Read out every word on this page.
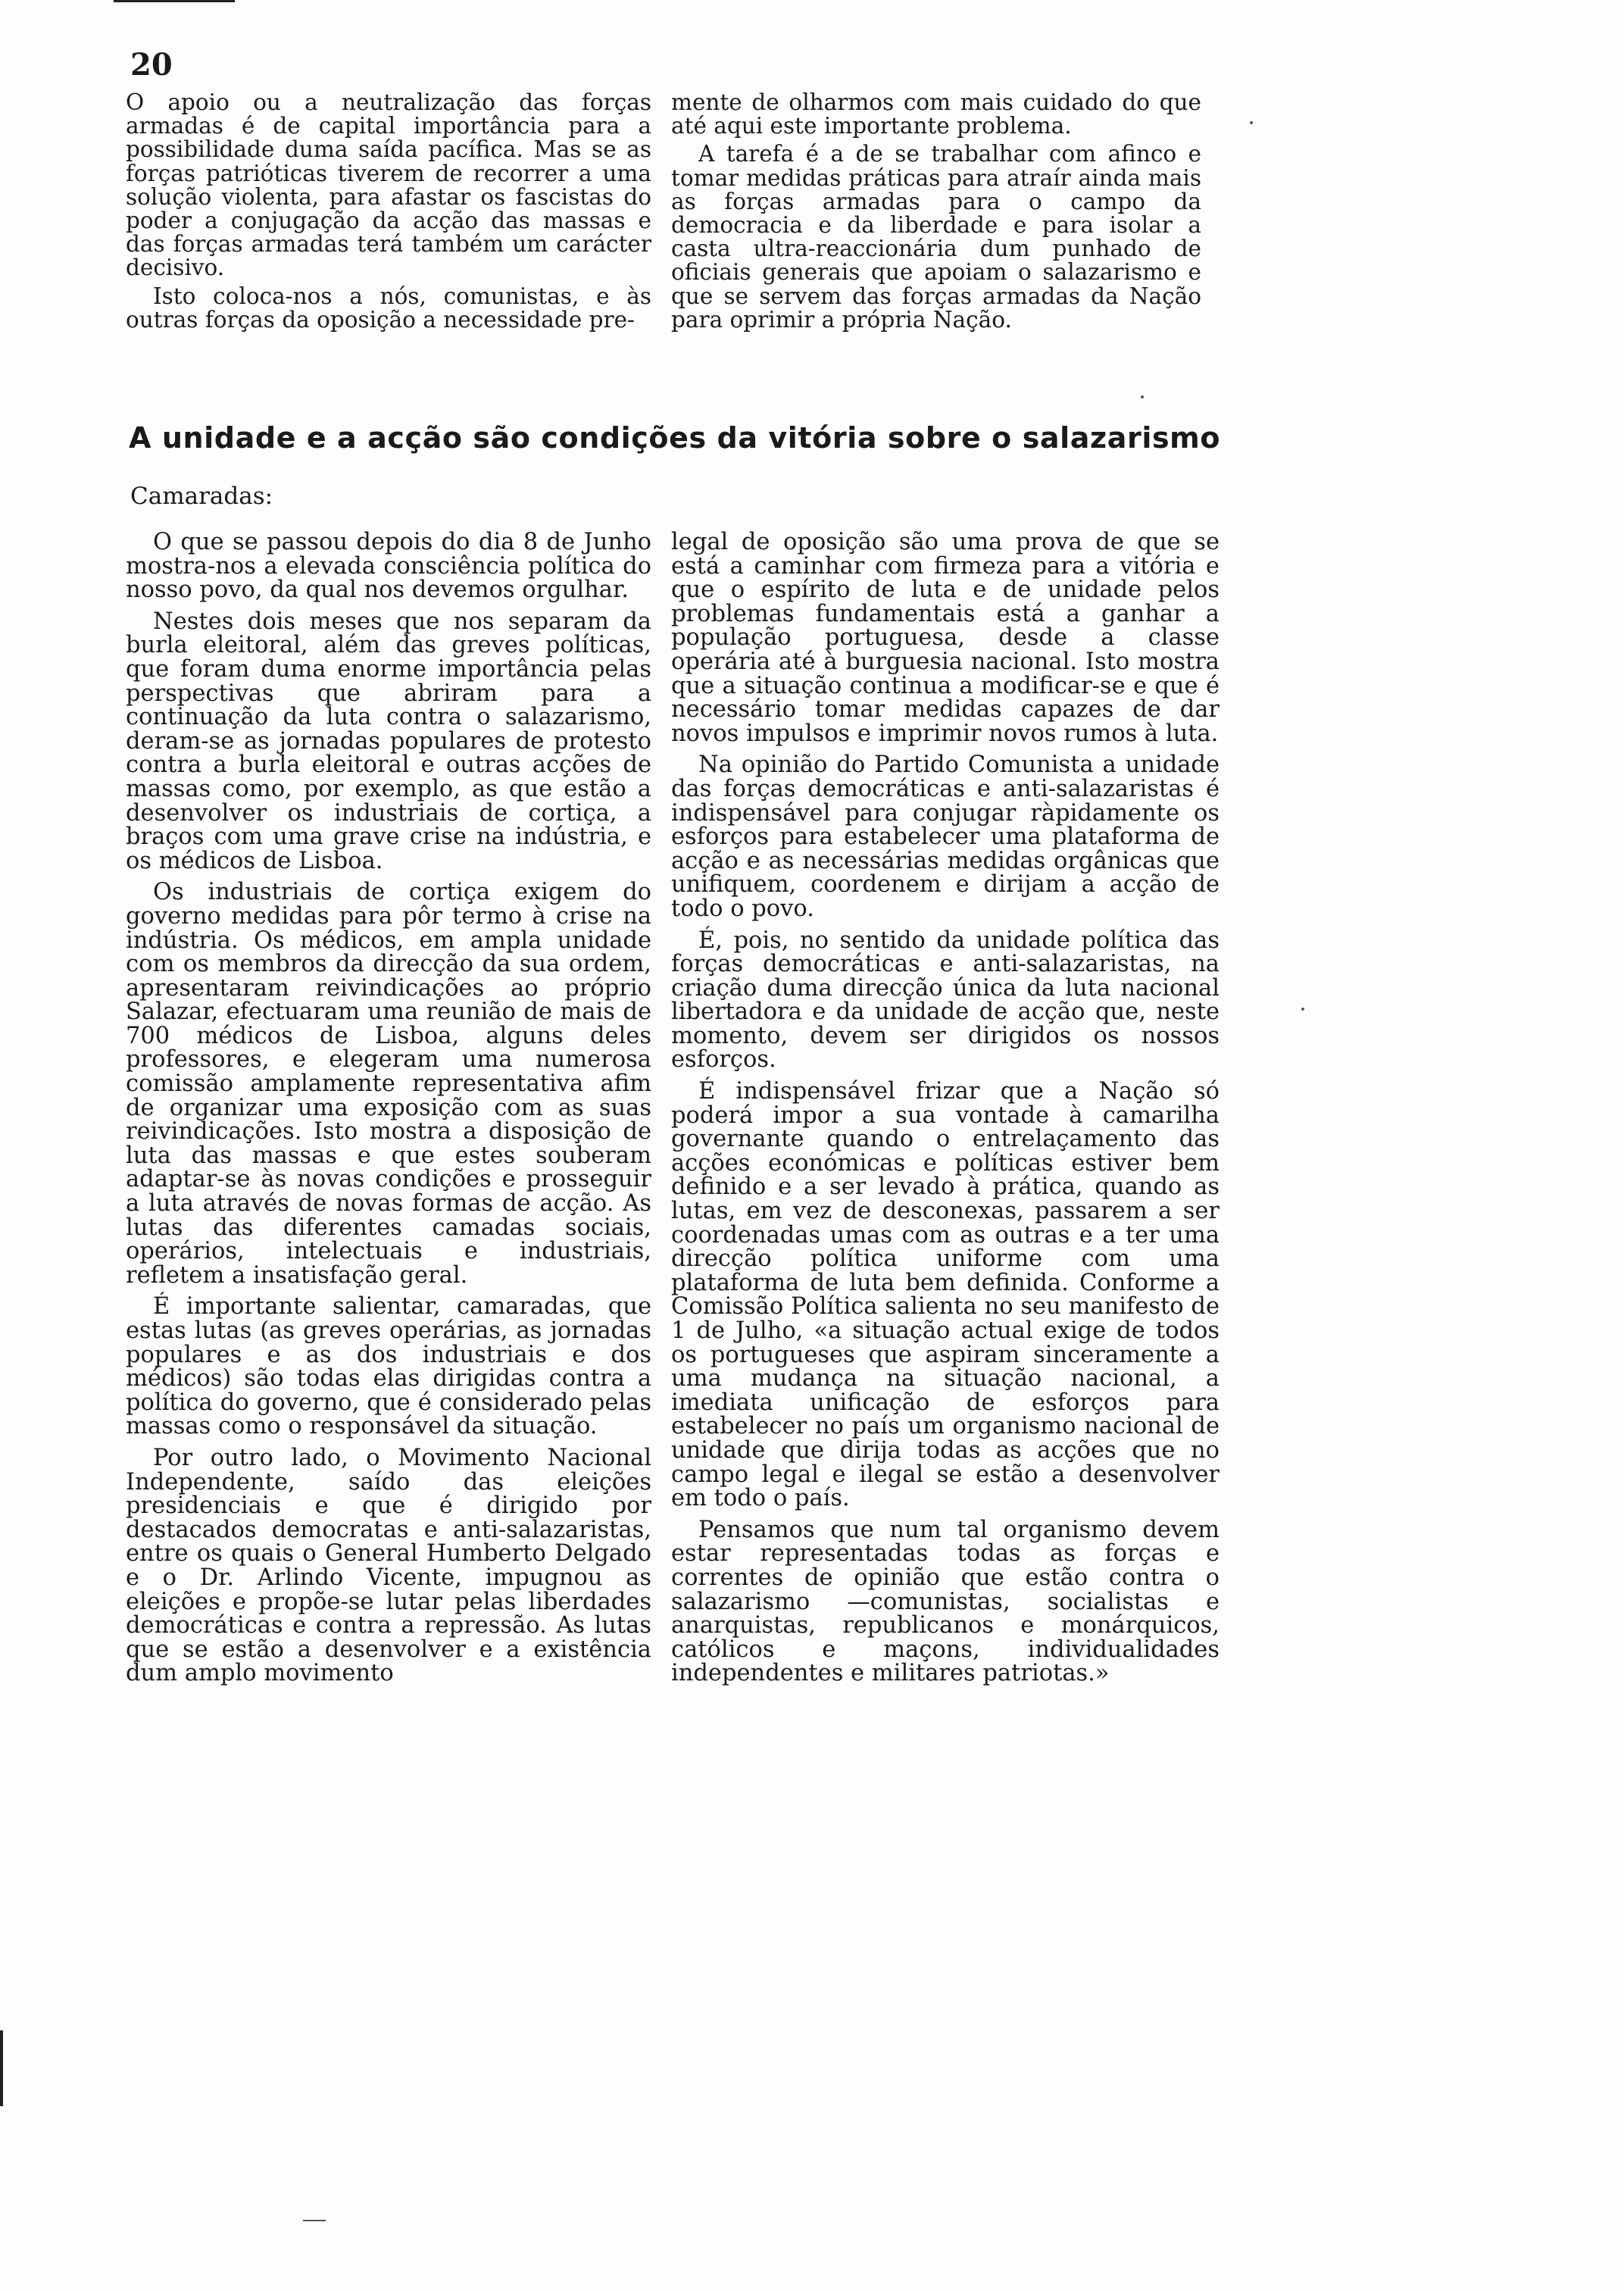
20

O apoio ou a neutralização das forças armadas é de capital importância para a possibilidade duma saída pacífica. Mas se as forças patrióticas tiverem de recorrer a uma solução violenta, para afastar os fascistas do poder a conjugação da acção das massas e das forças armadas terá também um carácter decisivo.

Isto coloca-nos a nós, comunistas, e às outras forças da oposição a necessidade pre-

mente de olharmos com mais cuidado do que até aqui este importante problema.

A tarefa é a de se trabalhar com afinco e tomar medidas práticas para atraír ainda mais as forças armadas para o campo da democracia e da liberdade e para isolar a casta ultra-reaccionária dum punhado de oficiais generais que apoiam o salazarismo e que se servem das forças armadas da Nação para oprimir a própria Nação.

A unidade e a acção são condições da vitória sobre o salazarismo
Camaradas:

O que se passou depois do dia 8 de Junho mostra-nos a elevada consciência política do nosso povo, da qual nos devemos orgulhar.

Nestes dois meses que nos separam da burla eleitoral, além das greves políticas, que foram duma enorme importância pelas perspectivas que abriram para a continuação da luta contra o salazarismo, deram-se as jornadas populares de protesto contra a burla eleitoral e outras acções de massas como, por exemplo, as que estão a desenvolver os industriais de cortiça, a braços com uma grave crise na indústria, e os médicos de Lisboa.

Os industriais de cortiça exigem do governo medidas para pôr termo à crise na indústria. Os médicos, em ampla unidade com os membros da direcção da sua ordem, apresentaram reivindicações ao próprio Salazar, efectuaram uma reunião de mais de 700 médicos de Lisboa, alguns deles professores, e elegeram uma numerosa comissão amplamente representativa afim de organizar uma exposição com as suas reivindicações. Isto mostra a disposição de luta das massas e que estes souberam adaptar-se às novas condições e prosseguir a luta através de novas formas de acção. As lutas das diferentes camadas sociais, operários, intelectuais e industriais, refletem a insatisfação geral.

É importante salientar, camaradas, que estas lutas (as greves operárias, as jornadas populares e as dos industriais e dos médicos) são todas elas dirigidas contra a política do governo, que é considerado pelas massas como o responsável da situação.

Por outro lado, o Movimento Nacional Independente, saído das eleições presidenciais e que é dirigido por destacados democratas e anti-salazaristas, entre os quais o General Humberto Delgado e o Dr. Arlindo Vicente, impugnou as eleições e propõe-se lutar pelas liberdades democráticas e contra a repressão. As lutas que se estão a desenvolver e a existência dum amplo movimento

legal de oposição são uma prova de que se está a caminhar com firmeza para a vitória e que o espírito de luta e de unidade pelos problemas fundamentais está a ganhar a população portuguesa, desde a classe operária até à burguesia nacional. Isto mostra que a situação continua a modificar-se e que é necessário tomar medidas capazes de dar novos impulsos e imprimir novos rumos à luta.

Na opinião do Partido Comunista a unidade das forças democráticas e anti-salazaristas é indispensável para conjugar ràpidamente os esforços para estabelecer uma plataforma de acção e as necessárias medidas orgânicas que unifiquem, coordenem e dirijam a acção de todo o povo.

É, pois, no sentido da unidade política das forças democráticas e anti-salazaristas, na criação duma direcção única da luta nacional libertadora e da unidade de acção que, neste momento, devem ser dirigidos os nossos esforços.

É indispensável frizar que a Nação só poderá impor a sua vontade à camarilha governante quando o entrelaçamento das acções económicas e políticas estiver bem definido e a ser levado à prática, quando as lutas, em vez de desconexas, passarem a ser coordenadas umas com as outras e a ter uma direcção política uniforme com uma plataforma de luta bem definida. Conforme a Comissão Política salienta no seu manifesto de 1 de Julho, «a situação actual exige de todos os portugueses que aspiram sinceramente a uma mudança na situação nacional, a imediata unificação de esforços para estabelecer no país um organismo nacional de unidade que dirija todas as acções que no campo legal e ilegal se estão a desenvolver em todo o país.

Pensamos que num tal organismo devem estar representadas todas as forças e correntes de opinião que estão contra o salazarismo —comunistas, socialistas e anarquistas, republicanos e monárquicos, católicos e maçons, individualidades independentes e militares patriotas.»
